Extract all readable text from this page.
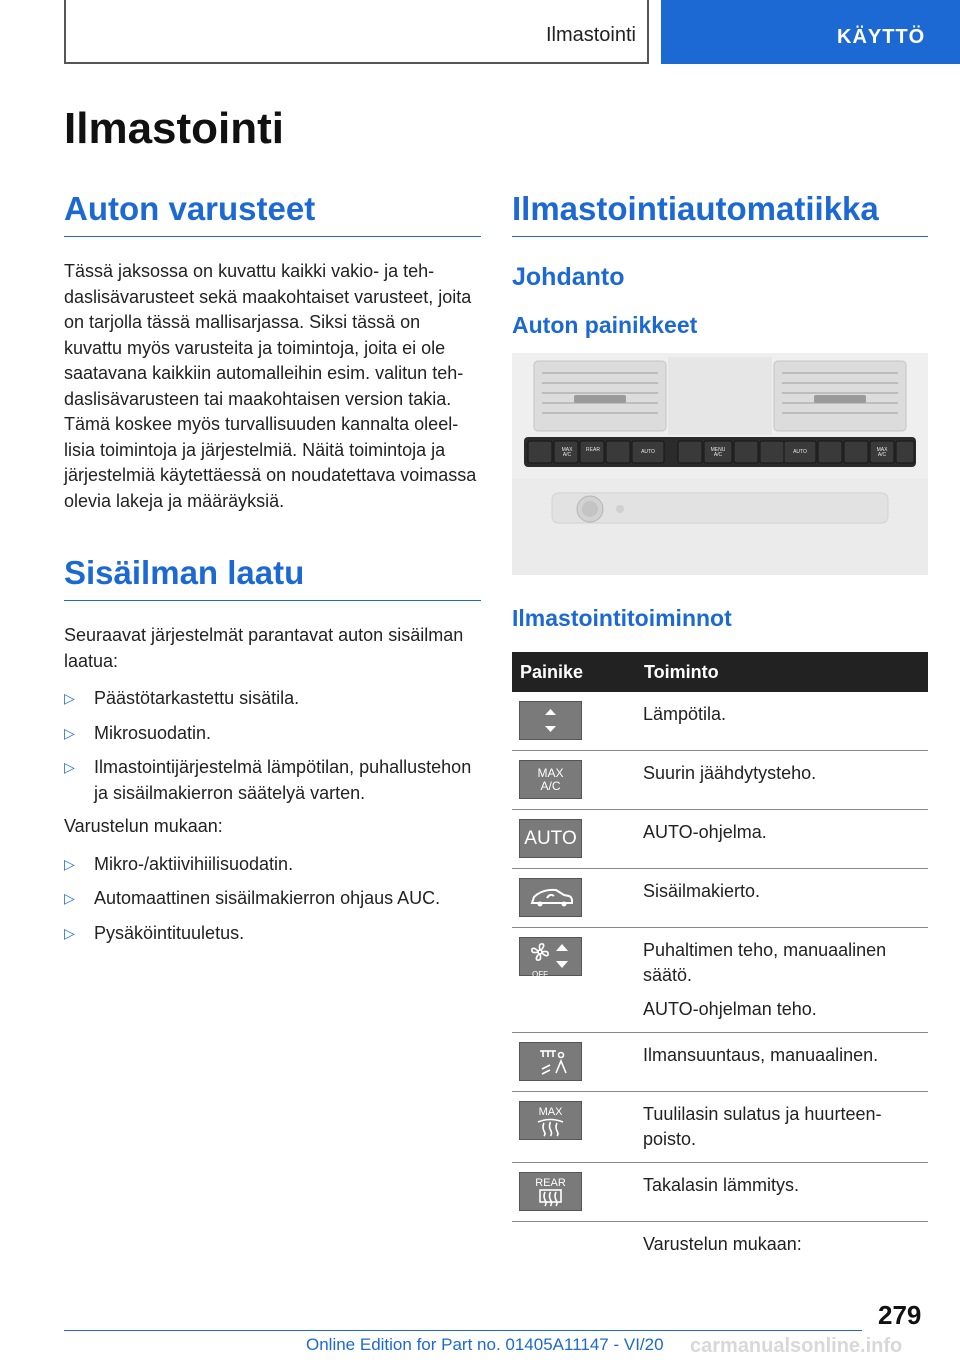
Ilmastointi	KÄYTTÖ
Ilmastointi
Auton varusteet

Tässä jaksossa on kuvattu kaikki vakio- ja tehdaslisävarusteet sekä maakohtaiset varusteet, joita on tarjolla tässä mallisarjassa. Siksi tässä on kuvattu myös varusteita ja toimintoja, joita ei ole saatavana kaikkiin automalleihin esim. valitun tehdaslisävarusteen tai maakohtaisen version takia. Tämä koskee myös turvallisuuden kannalta oleellisia toimintoja ja järjestelmiä. Näitä toimintoja ja järjestelmiä käytettäessä on noudatettava voimassa olevia lakeja ja määräyksiä.

Sisäilman laatu

Seuraavat järjestelmät parantavat auton sisäilman laatua:

▷ Päästötarkastettu sisätila.
▷ Mikrosuodatin.
▷ Ilmastointijärjestelmä lämpötilan, puhallustehon ja sisäilmakierron säätelyä varten.

Varustelun mukaan:

▷ Mikro-/aktiivihiilisuodatin.
▷ Automaattinen sisäilmakierron ohjaus AUC.
▷ Pysäköintituuletus.
Ilmastointiautomatiikka
Johdanto
Auton painikkeet
MAX A/C
REAR	AUTO	MENU A/C	AUTO	MAX A/C
Ilmastointitoiminnot
Painike	Toiminto

Lämpötila.

MAX A/C	Suurin jäähdytysteho.

AUTO	AUTO-ohjelma.

Sisäilmakierto.

OFF	Puhaltimen teho, manuaalinen säätö.

AUTO-ohjelman teho.

Ilmansuuntaus, manuaalinen.

MAX	Tuulilasin sulatus ja huurteenpoisto.

REAR	Takalasin lämmitys.

	Varustelun mukaan:

279
Online Edition for Part no. 01405A11147 - VI/20 carmanualsonline.info
